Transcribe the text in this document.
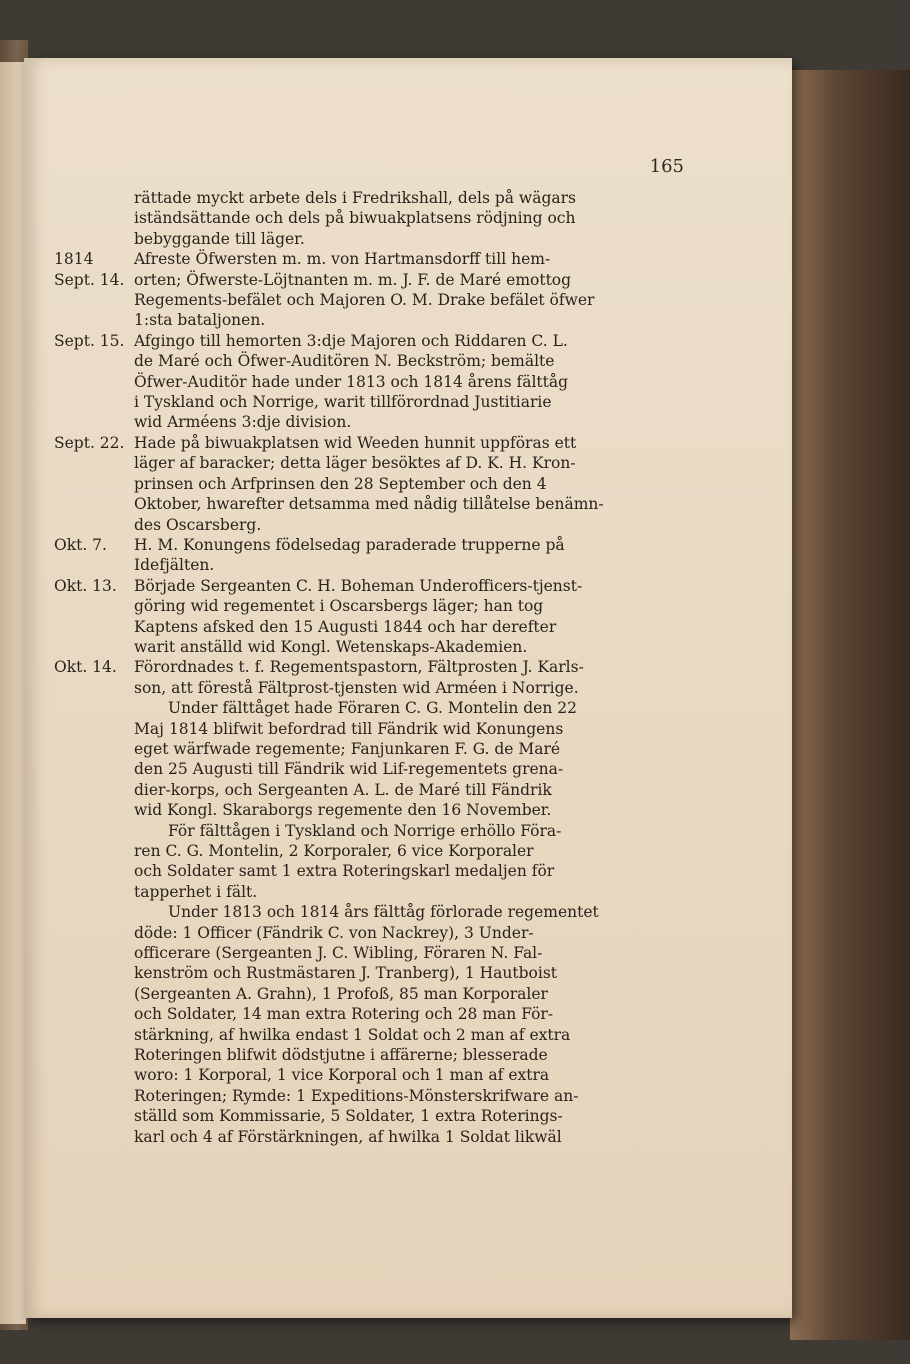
165
rättade myckt arbete dels i Fredrikshall, dels på wägars
iständsättande och dels på biwuakplatsens rödjning och
bebyggande till läger.
1814	Afreste Öfwersten m. m. von Hartmansdorff till hem-
Sept. 14. orten; Öfwerste-Löjtnanten m. m. J. F. de Maré emottog
Regements-befälet och Majoren O. M. Drake befälet öfwer
1:sta bataljonen.
Sept. 15. Afgingo till hemorten 3:dje Majoren och Riddaren C. L.
de Maré och Öfwer-Auditören N. Beckström; bemälte
Öfwer-Auditör hade under 1813 och 1814 årens fälttåg
i Tyskland och Norrige, warit tillförordnad Justitiarie
wid Arméens 3:dje division.
Sept. 22. Hade på biwuakplatsen wid Weeden hunnit uppföras ett
läger af baracker; detta läger besöktes af D. K. H. Kron-
prinsen och Arfprinsen den 28 September och den 4
Oktober, hwarefter detsamma med nådig tillåtelse benämn-
des Oscarsberg.
Okt. 7.	H. M. Konungens födelsedag paraderade trupperne på
Idefjälten.
Okt. 13.	Började Sergeanten C. H. Boheman Underofficers-tjenst-
göring wid regementet i Oscarsbergs läger; han tog
Kaptens afsked den 15 Augusti 1844 och har derefter
warit anställd wid Kongl. Wetenskaps-Akademien.
Okt. 14.	Förordnades t. f. Regementspastorn, Fältprosten J. Karls-
son, att förestå Fältprost-tjensten wid Arméen i Norrige.
Under fälttåget hade Föraren C. G. Montelin den 22
Maj 1814 blifwit befordrad till Fändrik wid Konungens
eget wärfwade regemente; Fanjunkaren F. G. de Maré
den 25 Augusti till Fändrik wid Lif-regementets grena-
dier-korps, och Sergeanten A. L. de Maré till Fändrik
wid Kongl. Skaraborgs regemente den 16 November.
För fälttågen i Tyskland och Norrige erhöllo Föra-
ren C. G. Montelin, 2 Korporaler, 6 vice Korporaler
och Soldater samt 1 extra Roteringskarl medaljen för
tapperhet i fält.
Under 1813 och 1814 års fälttåg förlorade regementet
döde: 1 Officer (Fändrik C. von Nackrey), 3 Under-
officerare (Sergeanten J. C. Wibling, Föraren N. Fal-
kenström och Rustmästaren J. Tranberg), 1 Hautboist
(Sergeanten A. Grahn), 1 Profoß, 85 man Korporaler
och Soldater, 14 man extra Rotering och 28 man För-
stärkning, af hwilka endast 1 Soldat och 2 man af extra
Roteringen blifwit dödstjutne i affärerne; blesserade
woro: 1 Korporal, 1 vice Korporal och 1 man af extra
Roteringen; Rymde: 1 Expeditions-Mönsterskrifware an-
ställd som Kommissarie, 5 Soldater, 1 extra Roterings-
karl och 4 af Förstärkningen, af hwilka 1 Soldat likwäl
